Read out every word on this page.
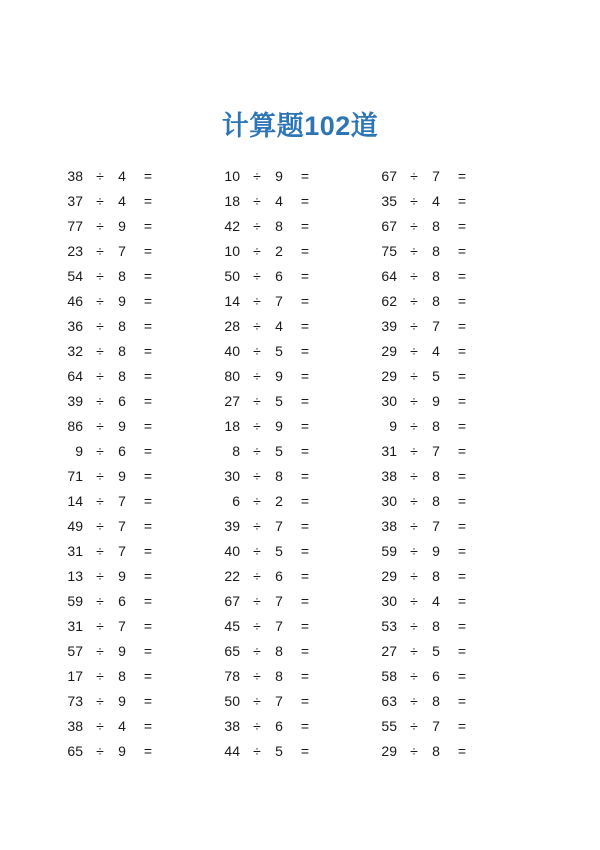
计算题102道
38 ÷ 4 =
37 ÷ 4 =
77 ÷ 9 =
23 ÷ 7 =
54 ÷ 8 =
46 ÷ 9 =
36 ÷ 8 =
32 ÷ 8 =
64 ÷ 8 =
39 ÷ 6 =
86 ÷ 9 =
9 ÷ 6 =
71 ÷ 9 =
14 ÷ 7 =
49 ÷ 7 =
31 ÷ 7 =
13 ÷ 9 =
59 ÷ 6 =
31 ÷ 7 =
57 ÷ 9 =
17 ÷ 8 =
73 ÷ 9 =
38 ÷ 4 =
65 ÷ 9 =
10 ÷ 9 =
18 ÷ 4 =
42 ÷ 8 =
10 ÷ 2 =
50 ÷ 6 =
14 ÷ 7 =
28 ÷ 4 =
40 ÷ 5 =
80 ÷ 9 =
27 ÷ 5 =
18 ÷ 9 =
8 ÷ 5 =
30 ÷ 8 =
6 ÷ 2 =
39 ÷ 7 =
40 ÷ 5 =
22 ÷ 6 =
67 ÷ 7 =
45 ÷ 7 =
65 ÷ 8 =
78 ÷ 8 =
50 ÷ 7 =
38 ÷ 6 =
44 ÷ 5 =
67 ÷ 7 =
35 ÷ 4 =
67 ÷ 8 =
75 ÷ 8 =
64 ÷ 8 =
62 ÷ 8 =
39 ÷ 7 =
29 ÷ 4 =
29 ÷ 5 =
30 ÷ 9 =
9 ÷ 8 =
31 ÷ 7 =
38 ÷ 8 =
30 ÷ 8 =
38 ÷ 7 =
59 ÷ 9 =
29 ÷ 8 =
30 ÷ 4 =
53 ÷ 8 =
27 ÷ 5 =
58 ÷ 6 =
63 ÷ 8 =
55 ÷ 7 =
29 ÷ 8 =
